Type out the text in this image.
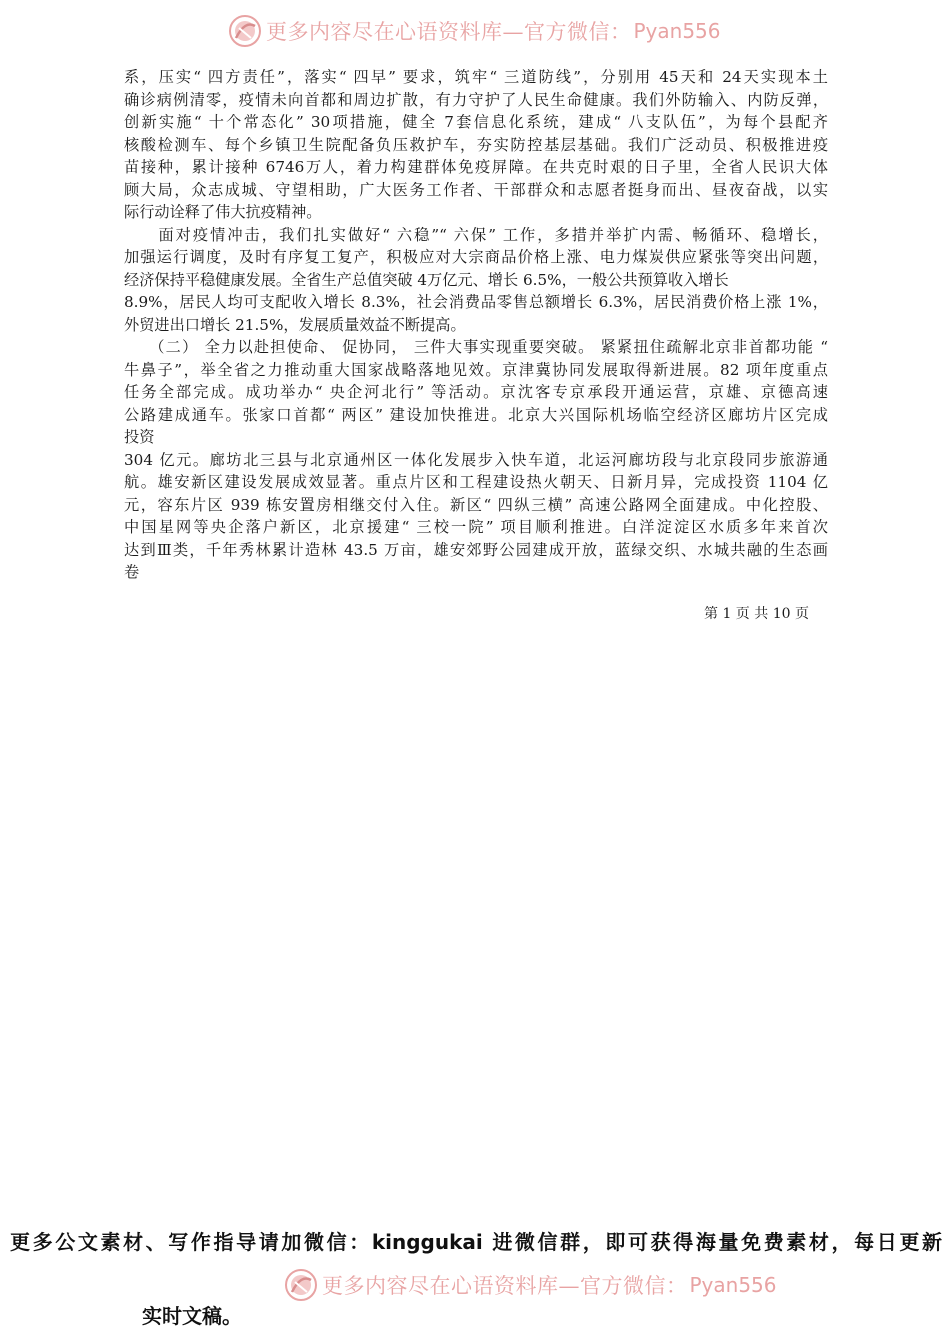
更多内容尽在心语资料库—官方微信： Pyan556
系，压实“ 四方责任”，落实“ 四早” 要求，筑牢“ 三道防线”，分别用 45天和 24天实现本土
确诊病例清零，疫情未向首都和周边扩散，有力守护了人民生命健康。我们外防输入、内防反弹，
创新实施“ 十个常态化” 30项措施，健全 7套信息化系统，建成“ 八支队伍”，为每个县配齐
核酸检测车、每个乡镇卫生院配备负压救护车，夯实防控基层基础。我们广泛动员、积极推进疫
苗接种，累计接种 6746万人，着力构建群体免疫屏障。在共克时艰的日子里，全省人民识大体
顾大局，众志成城、守望相助，广大医务工作者、干部群众和志愿者挺身而出、昼夜奋战，以实
际行动诠释了伟大抗疫精神。
　　面对疫情冲击，我们扎实做好“ 六稳”“ 六保” 工作，多措并举扩内需、畅循环、稳增长，
加强运行调度，及时有序复工复产，积极应对大宗商品价格上涨、电力煤炭供应紧张等突出问题，
经济保持平稳健康发展。全省生产总值突破 4万亿元、增长 6.5%，一般公共预算收入增长
8.9%，居民人均可支配收入增长 8.3%，社会消费品零售总额增长 6.3%，居民消费价格上涨 1%，
外贸进出口增长 21.5%，发展质量效益不断提高。
　　（二） 全力以赴担使命、 促协同， 三件大事实现重要突破。 紧紧扭住疏解北京非首都功能 “
牛鼻子”，举全省之力推动重大国家战略落地见效。京津冀协同发展取得新进展。82 项年度重点
任务全部完成。成功举办“ 央企河北行” 等活动。京沈客专京承段开通运营，京雄、京德高速
公路建成通车。张家口首都“ 两区” 建设加快推进。北京大兴国际机场临空经济区廊坊片区完成
投资
304 亿元。廊坊北三县与北京通州区一体化发展步入快车道，北运河廊坊段与北京段同步旅游通
航。雄安新区建设发展成效显著。重点片区和工程建设热火朝天、日新月异，完成投资 1104 亿
元，容东片区 939 栋安置房相继交付入住。新区“ 四纵三横” 高速公路网全面建成。中化控股、
中国星网等央企落户新区，北京援建“ 三校一院” 项目顺利推进。白洋淀淀区水质多年来首次
达到Ⅲ类，千年秀林累计造林 43.5 万亩，雄安郊野公园建成开放，蓝绿交织、水城共融的生态画
卷
第 1 页 共 10 页
更多公文素材、写作指导请加微信：kinggukai 进微信群，即可获得海量免费素材，每日更新
更多内容尽在心语资料库—官方微信： Pyan556
实时文稿。
